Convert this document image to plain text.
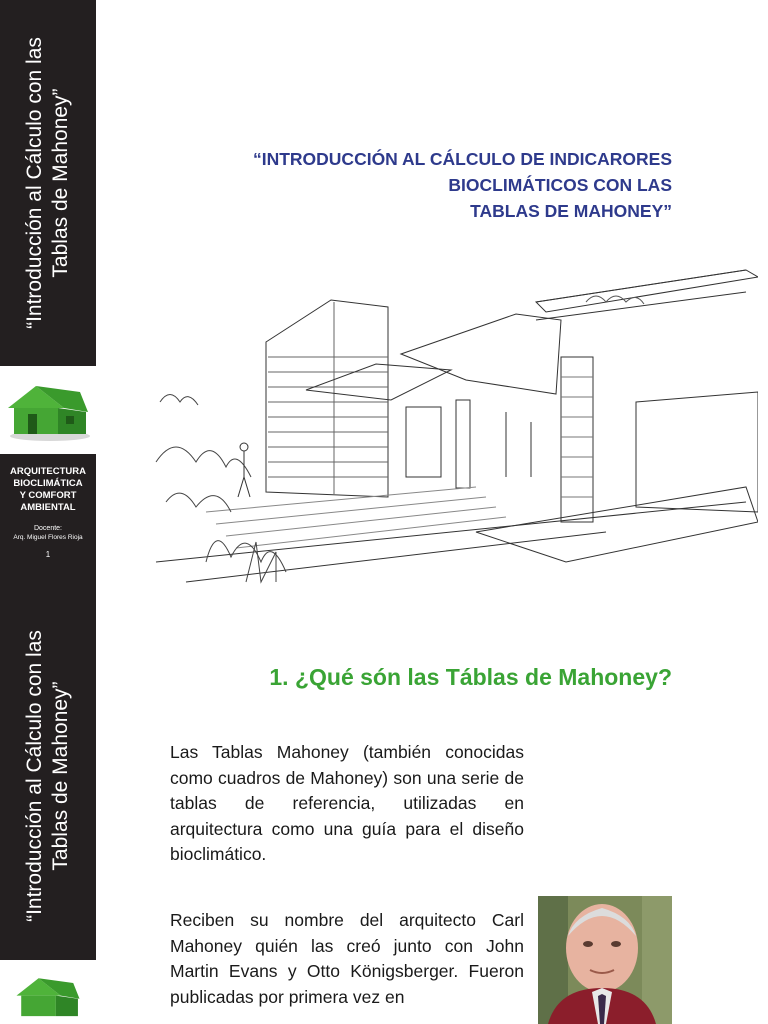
“Introducción al Cálculo con las Tablas de Mahoney”
ARQUITECTURA
BIOCLIMÁTICA
Y COMFORT
AMBIENTAL
Docente:
Arq. Miguel Flores Rioja
1
“Introducción al Cálculo con las Tablas de Mahoney”
“INTRODUCCIÓN AL CÁLCULO DE INDICARORES
BIOCLIMÁTICOS CON LAS
TABLAS DE MAHONEY”
1. ¿Qué són las Táblas de Mahoney?
Las Tablas Mahoney (también conocidas como cuadros de Mahoney) son una serie de tablas de referencia, utilizadas en arquitectura como una guía para el diseño bioclimático.
Reciben su nombre del arquitecto Carl Mahoney quién las creó junto con John Martin Evans y Otto Königsberger. Fueron publicadas por primera vez en
